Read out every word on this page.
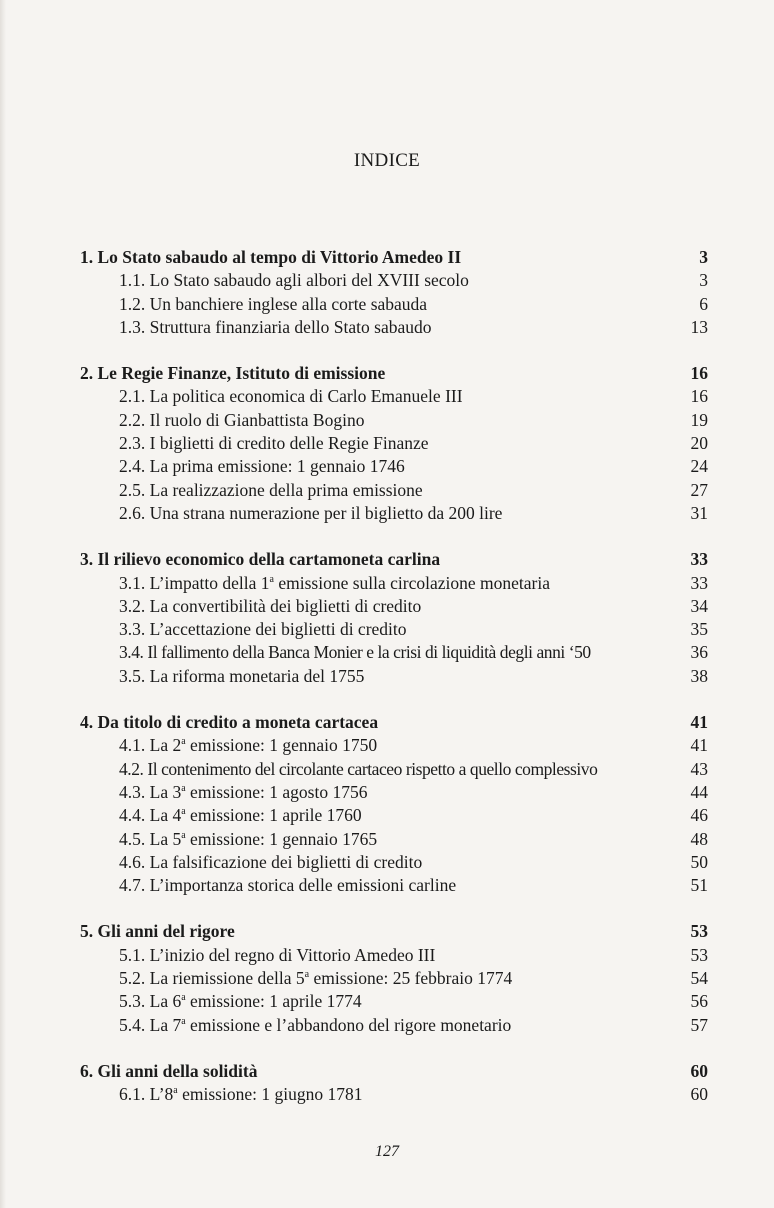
INDICE
1. Lo Stato sabaudo al tempo di Vittorio Amedeo II	3
1.1. Lo Stato sabaudo agli albori del XVIII secolo	3
1.2. Un banchiere inglese alla corte sabauda	6
1.3. Struttura finanziaria dello Stato sabaudo	13
2. Le Regie Finanze, Istituto di emissione	16
2.1. La politica economica di Carlo Emanuele III	16
2.2. Il ruolo di Gianbattista Bogino	19
2.3. I biglietti di credito delle Regie Finanze	20
2.4. La prima emissione: 1 gennaio 1746	24
2.5. La realizzazione della prima emissione	27
2.6. Una strana numerazione per il biglietto da 200 lire	31
3. Il rilievo economico della cartamoneta carlina	33
3.1. L’impatto della 1$^a$ emissione sulla circolazione monetaria	33
3.2. La convertibilità dei biglietti di credito	34
3.3. L’accettazione dei biglietti di credito	35
3.4. Il fallimento della Banca Monier e la crisi di liquidità degli anni ‘50	36
3.5. La riforma monetaria del 1755	38
4. Da titolo di credito a moneta cartacea	41
4.1. La 2$^a$ emissione: 1 gennaio 1750	41
4.2. Il contenimento del circolante cartaceo rispetto a quello complessivo	43
4.3. La 3$^a$ emissione: 1 agosto 1756	44
4.4. La 4$^a$ emissione: 1 aprile 1760	46
4.5. La 5$^a$ emissione: 1 gennaio 1765	48
4.6. La falsificazione dei biglietti di credito	50
4.7. L’importanza storica delle emissioni carline	51
5. Gli anni del rigore	53
5.1. L’inizio del regno di Vittorio Amedeo III	53
5.2. La riemissione della 5$^a$ emissione: 25 febbraio 1774	54
5.3. La 6$^a$ emissione: 1 aprile 1774	56
5.4. La 7$^a$ emissione e l’abbandono del rigore monetario	57
6. Gli anni della solidità	60
6.1. L’8$^a$ emissione: 1 giugno 1781	60
127
